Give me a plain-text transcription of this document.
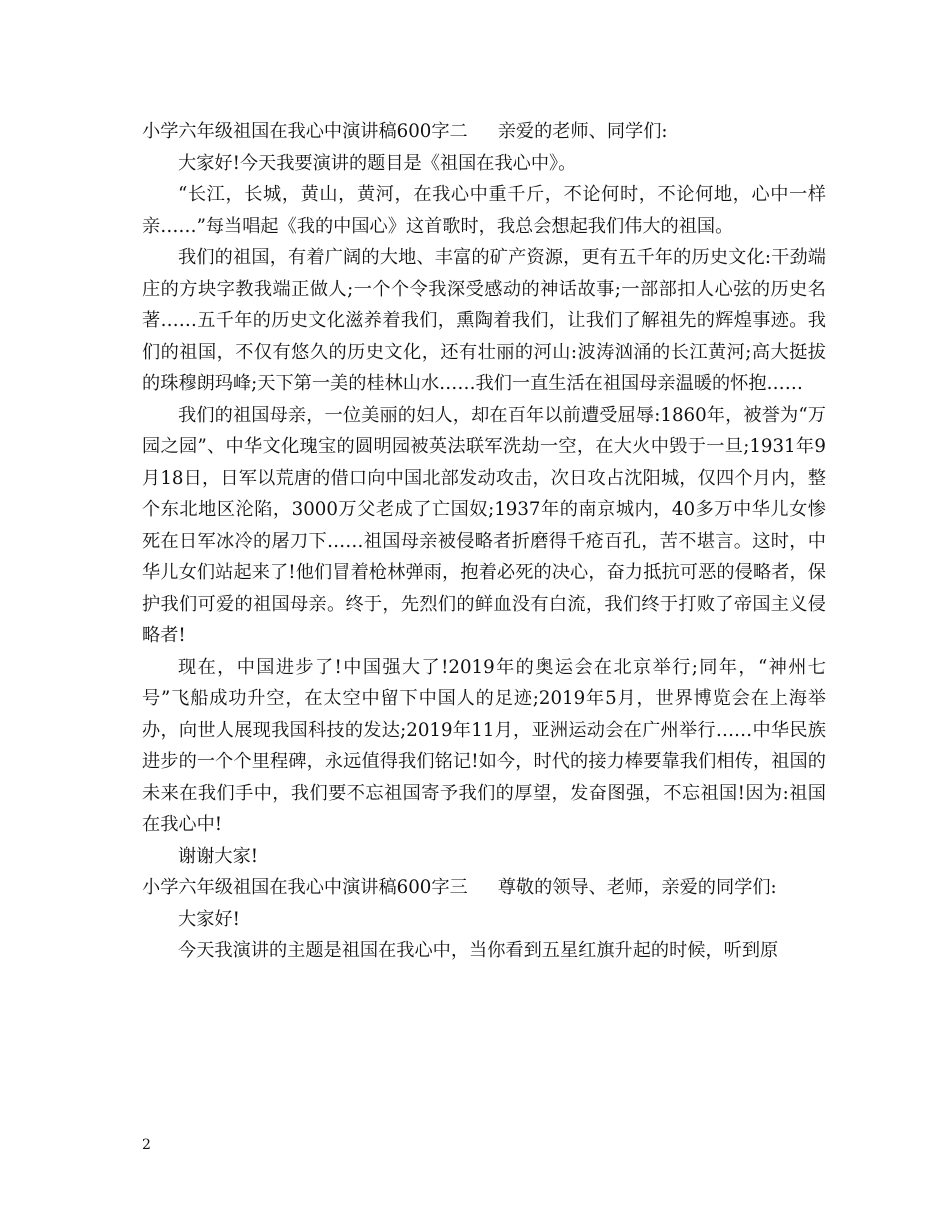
小学六年级祖国在我心中演讲稿600字二 亲爱的老师、同学们:

大家好!今天我要演讲的题目是《祖国在我心中》。

“长江，长城，黄山，黄河，在我心中重千斤，不论何时，不论何地，心中一样亲……”每当唱起《我的中国心》这首歌时，我总会想起我们伟大的祖国。

我们的祖国，有着广阔的大地、丰富的矿产资源，更有五千年的历史文化:干劲端庄的方块字教我端正做人;一个个令我深受感动的神话故事;一部部扣人心弦的历史名著……五千年的历史文化滋养着我们，熏陶着我们，让我们了解祖先的辉煌事迹。我们的祖国，不仅有悠久的历史文化，还有壮丽的河山:波涛汹涌的长江黄河;高大挺拔的珠穆朗玛峰;天下第一美的桂林山水……我们一直生活在祖国母亲温暖的怀抱……

我们的祖国母亲，一位美丽的妇人，却在百年以前遭受屈辱:1860年，被誉为“万园之园”、中华文化瑰宝的圆明园被英法联军洗劫一空，在大火中毁于一旦;1931年9月18日，日军以荒唐的借口向中国北部发动攻击，次日攻占沈阳城，仅四个月内，整个东北地区沦陷，3000万父老成了亡国奴;1937年的南京城内，40多万中华儿女惨死在日军冰冷的屠刀下……祖国母亲被侵略者折磨得千疮百孔，苦不堪言。这时，中华儿女们站起来了!他们冒着枪林弹雨，抱着必死的决心，奋力抵抗可恶的侵略者，保护我们可爱的祖国母亲。终于，先烈们的鲜血没有白流，我们终于打败了帝国主义侵略者!

现在，中国进步了!中国强大了!2019年的奥运会在北京举行;同年，“神州七号”飞船成功升空，在太空中留下中国人的足迹;2019年5月，世界博览会在上海举办，向世人展现我国科技的发达;2019年11月，亚洲运动会在广州举行……中华民族进步的一个个里程碑，永远值得我们铭记!如今，时代的接力棒要靠我们相传，祖国的未来在我们手中，我们要不忘祖国寄予我们的厚望，发奋图强，不忘祖国!因为:祖国在我心中!

谢谢大家!

小学六年级祖国在我心中演讲稿600字三 尊敬的领导、老师，亲爱的同学们:

大家好!

今天我演讲的主题是祖国在我心中，当你看到五星红旗升起的时候，听到原

2
